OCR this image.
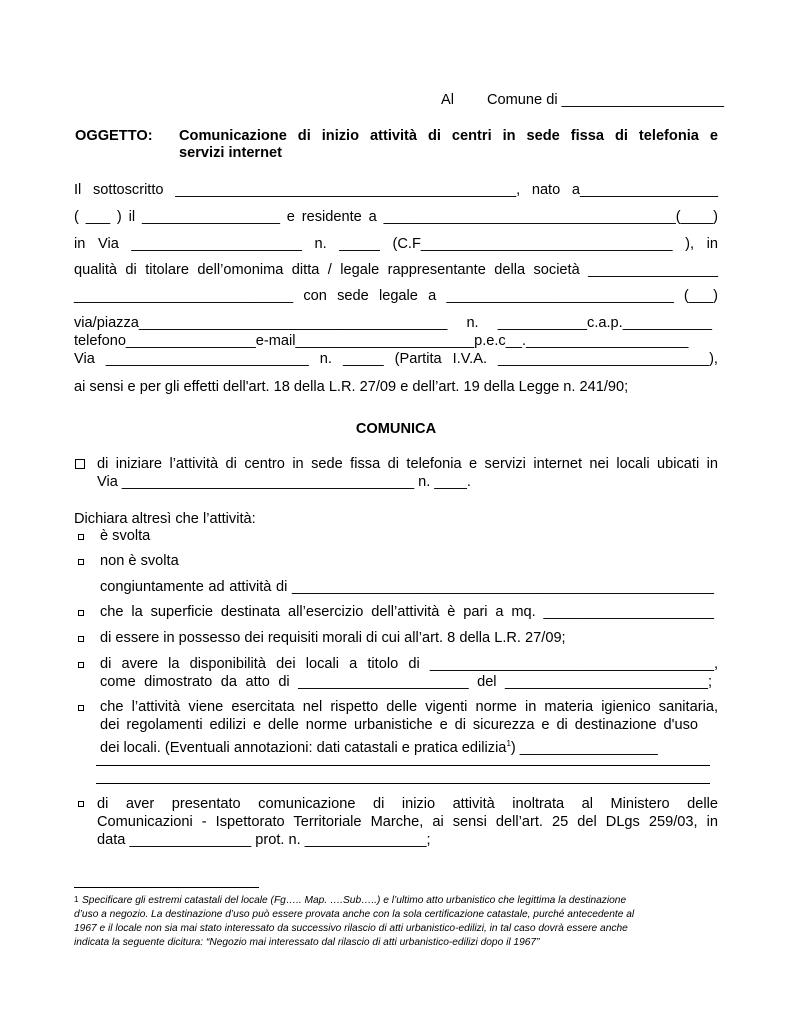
Al	Comune di ____________________
OGGETTO:	Comunicazione di inizio attività di centri in sede fissa di telefonia e
servizi internet
Il sottoscritto __________________________________________, nato a_________________
( ___ ) il _________________ e residente a ____________________________________(____)
in Via _____________________ n. _____ (C.F_______________________________ ), in
qualità di titolare dell’omonima ditta / legale rappresentante della società ________________
___________________________ con sede legale a ____________________________ (___)
via/piazza______________________________________ n. ___________c.a.p.___________
telefono________________e-mail______________________p.e.c__.____________________
Via _________________________ n. _____ (Partita I.V.A. __________________________),
ai sensi e per gli effetti dell'art. 18 della L.R. 27/09 e dell’art. 19 della Legge n. 241/90;
COMUNICA
di iniziare l’attività di centro in sede fissa di telefonia e servizi internet nei locali ubicati in
Via ____________________________________ n. ____.
Dichiara altresì che l’attività:
è svolta
non è svolta
congiuntamente ad attività di ____________________________________________________
che la superficie destinata all’esercizio dell’attività è pari a mq. _____________________
di essere in possesso dei requisiti morali di cui all’art. 8 della L.R. 27/09;
di avere la disponibilità dei locali a titolo di ___________________________________,
come dimostrato da atto di _____________________ del _________________________;
che l’attività viene esercitata nel rispetto delle vigenti norme in materia igienico sanitaria,
dei regolamenti edilizi e delle norme urbanistiche e di sicurezza e di destinazione d'uso
dei locali. (Eventuali annotazioni: dati catastali e pratica edilizia$^1$) _________________
di aver presentato comunicazione di inizio attività inoltrata al Ministero delle
Comunicazioni - Ispettorato Territoriale Marche, ai sensi dell’art. 25 del DLgs 259/03, in
data _______________ prot. n. _______________;
$^1$ Specificare gli estremi catastali del locale (Fg….. Map. ….Sub…..) e l’ultimo atto urbanistico che legittima la destinazione
d’uso a negozio. La destinazione d’uso può essere provata anche con la sola certificazione catastale, purché antecedente al
1967 e il locale non sia mai stato interessato da successivo rilascio di atti urbanistico-edilizi, in tal caso dovrà essere anche
indicata la seguente dicitura: “Negozio mai interessato dal rilascio di atti urbanistico-edilizi dopo il 1967”
